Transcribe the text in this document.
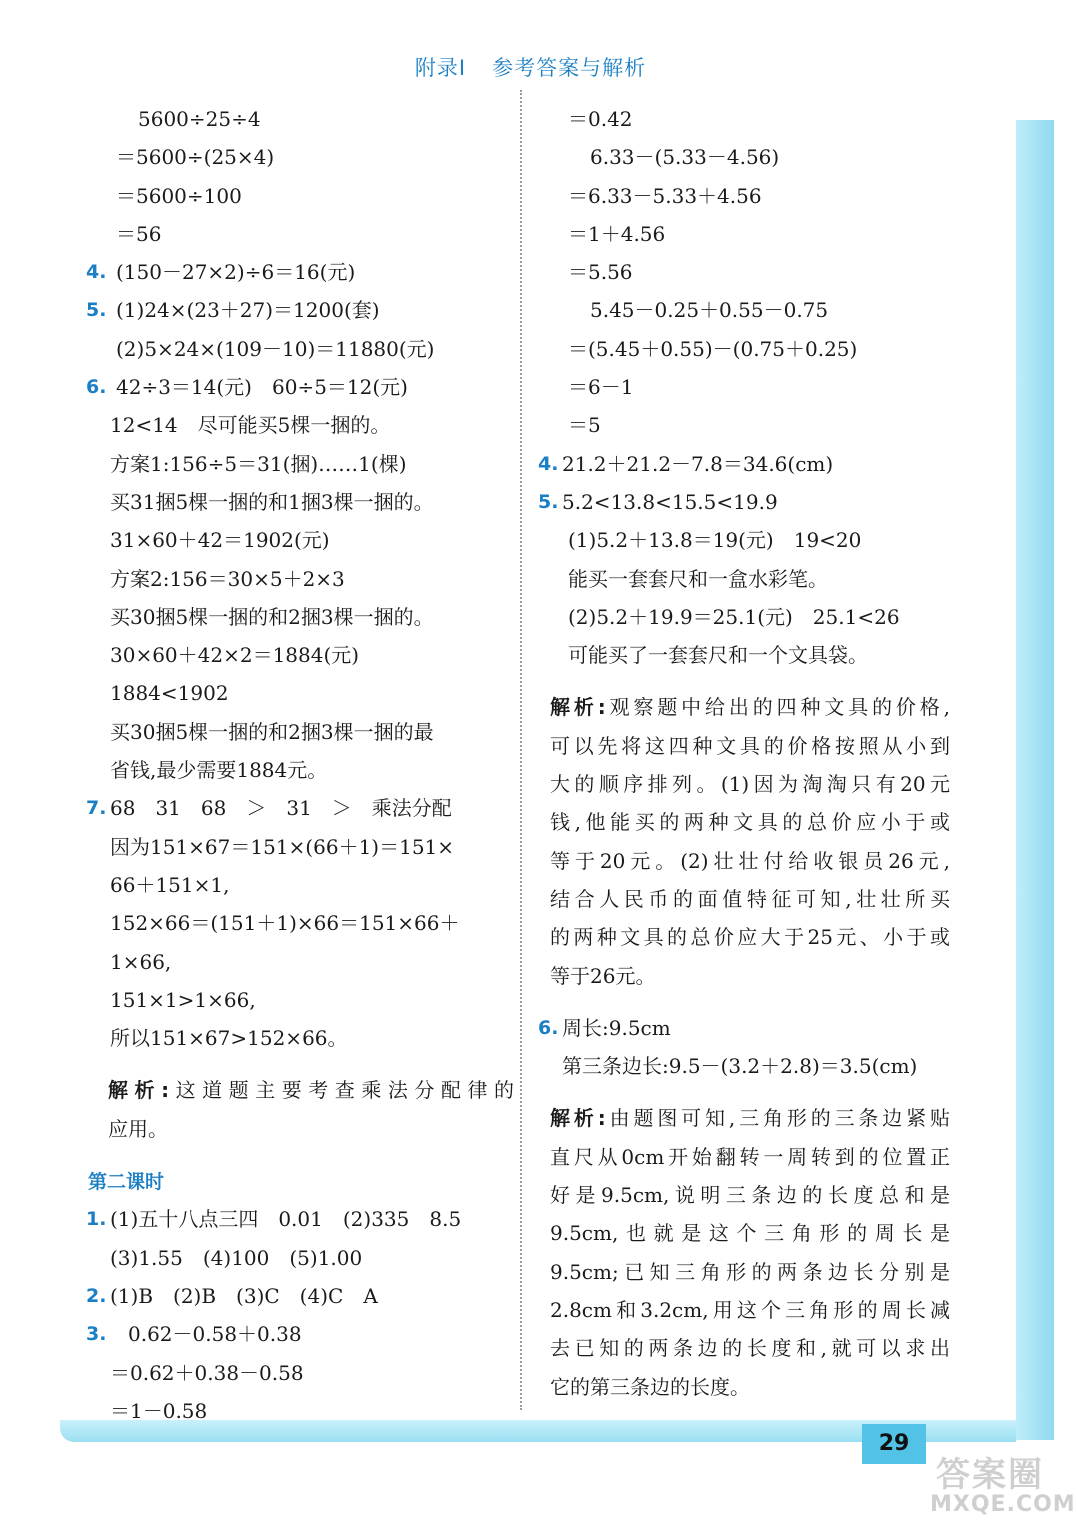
附录Ⅰ 参考答案与解析
29
答案圈
MXQE.COM
5600÷25÷4
＝5600÷(25×4)
＝5600÷100
＝56
4. (150－27×2)÷6＝16(元)
5. (1)24×(23＋27)＝1200(套)
(2)5×24×(109－10)＝11880(元)
6. 42÷3＝14(元)　60÷5＝12(元)
12<14　尽可能买5棵一捆的。
方案1:156÷5＝31(捆)……1(棵)
买31捆5棵一捆的和1捆3棵一捆的。
31×60＋42＝1902(元)
方案2:156＝30×5＋2×3
买30捆5棵一捆的和2捆3棵一捆的。
30×60＋42×2＝1884(元)
1884<1902
买30捆5棵一捆的和2捆3棵一捆的最
省钱,最少需要1884元。
7. 68　31　68　＞　31　＞　乘法分配
因为151×67＝151×(66＋1)＝151×
66＋151×1,
152×66＝(151＋1)×66＝151×66＋
1×66,
151×1>1×66,
所以151×67>152×66。
解析:这道题主要考查乘法分配律的
应用。
第二课时
1. (1)五十八点三四　0.01　(2)335　8.5
(3)1.55　(4)100　(5)1.00
2. (1)B　(2)B　(3)C　(4)C　A
3. 0.62－0.58＋0.38
＝0.62＋0.38－0.58
＝1－0.58
＝0.42
6.33－(5.33－4.56)
＝6.33－5.33＋4.56
＝1＋4.56
＝5.56
5.45－0.25＋0.55－0.75
＝(5.45＋0.55)－(0.75＋0.25)
＝6－1
＝5
4. 21.2＋21.2－7.8＝34.6(cm)
5. 5.2<13.8<15.5<19.9
(1)5.2＋13.8＝19(元)　19<20
能买一套套尺和一盒水彩笔。
(2)5.2＋19.9＝25.1(元)　25.1<26
可能买了一套套尺和一个文具袋。
解析:观察题中给出的四种文具的价格,
可以先将这四种文具的价格按照从小到
大的顺序排列。(1)因为淘淘只有20元
钱,他能买的两种文具的总价应小于或
等于20元。(2)壮壮付给收银员26元,
结合人民币的面值特征可知,壮壮所买
的两种文具的总价应大于25元、小于或
等于26元。
6. 周长:9.5cm
第三条边长:9.5－(3.2＋2.8)＝3.5(cm)
解析:由题图可知,三角形的三条边紧贴
直尺从0cm开始翻转一周转到的位置正
好是9.5cm,说明三条边的长度总和是
9.5cm,也就是这个三角形的周长是
9.5cm;已知三角形的两条边长分别是
2.8cm和3.2cm,用这个三角形的周长减
去已知的两条边的长度和,就可以求出
它的第三条边的长度。
